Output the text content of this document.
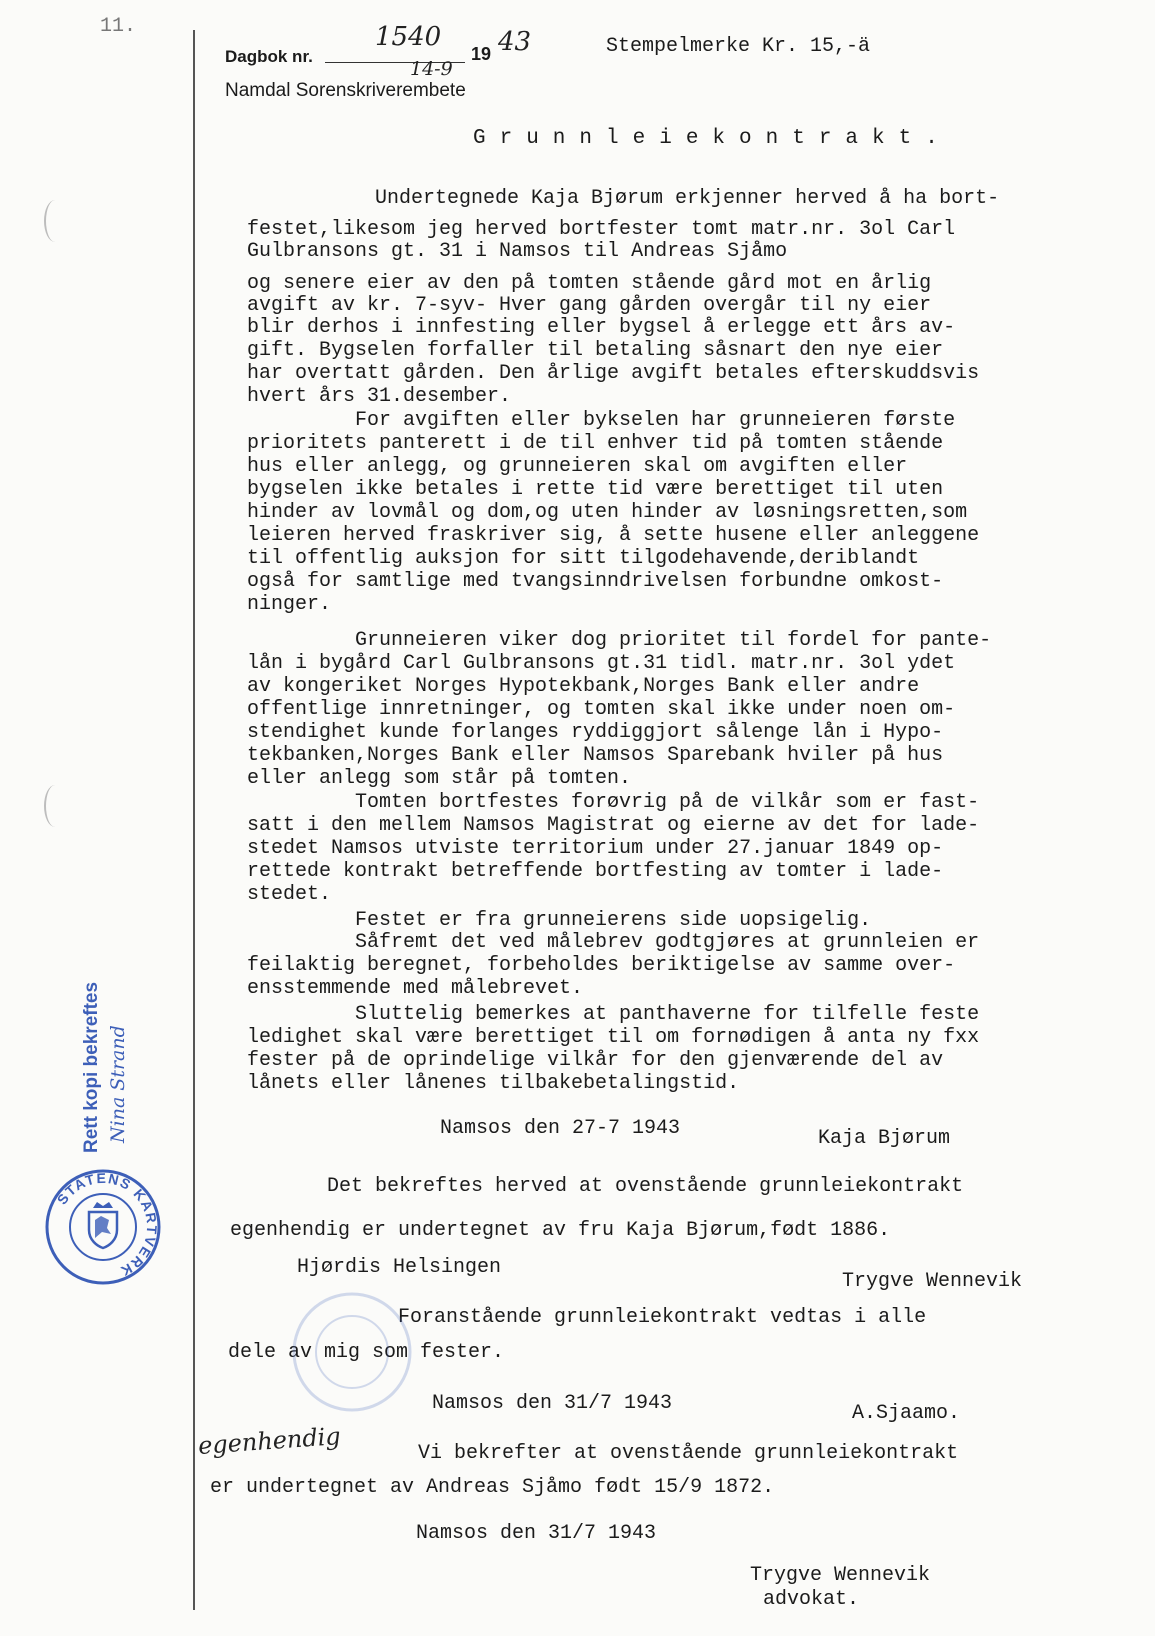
11.
Dagbok nr.
1540
19 43
14-9
Namdal Sorenskriverembete
Stempelmerke Kr. 15,-ä
Grunnleiekontrakt.
Undertegnede Kaja Bjørum erkjenner herved å ha bort-
festet,likesom jeg herved bortfester tomt matr.nr. 3ol Carl
Gulbransons gt. 31 i Namsos til Andreas Sjåmo
og senere eier av den på tomten stående gård mot en årlig
avgift av kr. 7-syv- Hver gang gården overgår til ny eier
blir derhos i innfesting eller bygsel å erlegge ett års av-
gift. Bygselen forfaller til betaling såsnart den nye eier
har overtatt gården. Den årlige avgift betales efterskuddsvis
hvert års 31.desember.
For avgiften eller bykselen har grunneieren første
prioritets panterett i de til enhver tid på tomten stående
hus eller anlegg, og grunneieren skal om avgiften eller
bygselen ikke betales i rette tid være berettiget til uten
hinder av lovmål og dom,og uten hinder av løsningsretten,som
leieren herved fraskriver sig, å sette husene eller anleggene
til offentlig auksjon for sitt tilgodehavende,deriblandt
også for samtlige med tvangsinndrivelsen forbundne omkost-
ninger.
Grunneieren viker dog prioritet til fordel for pante-
lån i bygård Carl Gulbransons gt.31 tidl. matr.nr. 3ol ydet
av kongeriket Norges Hypotekbank,Norges Bank eller andre
offentlige innretninger, og tomten skal ikke under noen om-
stendighet kunde forlanges ryddiggjort sålenge lån i Hypo-
tekbanken,Norges Bank eller Namsos Sparebank hviler på hus
eller anlegg som står på tomten.
Tomten bortfestes forøvrig på de vilkår som er fast-
satt i den mellem Namsos Magistrat og eierne av det for lade-
stedet Namsos utviste territorium under 27.januar 1849 op-
rettede kontrakt betreffende bortfesting av tomter i lade-
stedet.
Festet er fra grunneierens side uopsigelig.
Såfremt det ved målebrev godtgjøres at grunnleien er
feilaktig beregnet, forbeholdes beriktigelse av samme over-
ensstemmende med målebrevet.
Sluttelig bemerkes at panthaverne for tilfelle feste
ledighet skal være berettiget til om fornødigen å anta ny fxx
fester på de oprindelige vilkår for den gjenværende del av
lånets eller lånenes tilbakebetalingstid.
Namsos den 27-7 1943	Kaja Bjørum
Det bekreftes herved at ovenstående grunnleiekontrakt
egenhendig er undertegnet av fru Kaja Bjørum,født 1886.
Hjørdis Helsingen
Trygve Wennevik
Foranstående grunnleiekontrakt vedtas i alle
dele av mig som fester.
Namsos den 31/7 1943	A.Sjaamo.
egenhendig	Vi bekrefter at ovenstående grunnleiekontrakt
er undertegnet av Andreas Sjåmo født 15/9 1872.
Namsos den 31/7 1943
Trygve Wennevik
advokat.
Rett kopi bekreftes Nina Strand
STATENS KARTVERK
